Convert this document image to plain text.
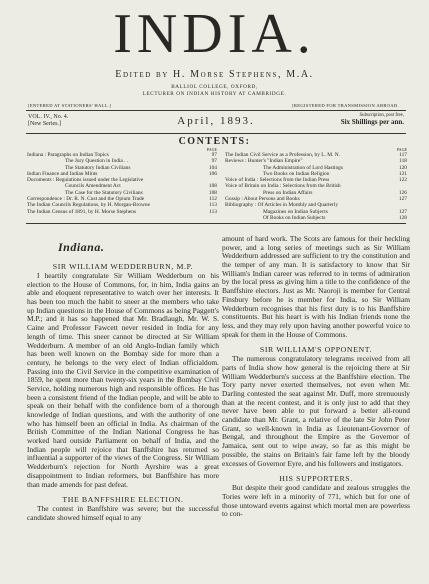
INDIA.
Edited by H. Morse Stephens, M.A.
BALLIOL COLLEGE, OXFORD,
LECTURER ON INDIAN HISTORY AT CAMBRIDGE.
[ENTERED AT STATIONERS' HALL.]	[REGISTERED FOR TRANSMISSION ABROAD.
VOL. IV., No. 4.
[New Series.]	April, 1893.	Subscription, post free,
Six Shillings per ann.
CONTENTS:
PAGE
Indiana : Paragraphs on Indian Topics	97
The Jury Question in India . .	97
The Statutory Indian Civilians	104
Indian Finance and Indian Mints	106
Documents : Regulations issued under the Legislative
Councils Amendment Act	108
The Case for the Statutory Civilians	108
Correspondence : Dr. R. N. Cust and the Opium Trade	112
The Indian Councils Regulations, by H. Morgan-Browne	113
The Indian Census of 1891, by H. Morse Stephens	113
PAGE
The Indian Civil Service as a Profession, by L. M. N.	117
Reviews : Hunter's "Indian Empire"	118
The Administration of Lord Hastings	120
Two Books on Indian Religion	121
Voice of India : Selections from the Indian Press	122
Voice of Britain on India : Selections from the British
Press on Indian Affairs	126
Gossip : About Persons and Books	127
Bibliography : Of Articles in Monthly and Quarterly
Magazines on Indian Subjects	127
Of Books on Indian Subjects	128
Indiana.
SIR WILLIAM WEDDERBURN, M.P.

I heartily congratulate Sir William Wedderburn on his election to the House of Commons, for, in him, India gains an able and eloquent representative to watch over her interests. It has been too much the habit to sneer at the members who take up Indian questions in the House of Commons as being Paggett's M.P.; and it has so happened that Mr. Bradlaugh, Mr. W. S. Caine and Professor Fawcett never resided in India for any length of time. This sneer cannot be directed at Sir William Wedderburn. A member of an old Anglo-Indian family which has been well known on the Bombay side for more than a century, he belongs to the very elect of Indian officialdom. Passing into the Civil Service in the competitive examination of 1859, he spent more than twenty-six years in the Bombay Civil Service, holding numerous high and responsible offices. He has been a consistent friend of the Indian people, and will be able to speak on their behalf with the confidence born of a thorough knowledge of Indian questions, and with the authority of one who has himself been an official in India. As chairman of the British Committee of the Indian National Congress he has worked hard outside Parliament on behalf of India, and the Indian people will rejoice that Banffshire has returned so influential a supporter of the views of the Congress. Sir William Wedderburn's rejection for North Ayrshire was a great disappointment to Indian reformers, but Banffshire has more than made amends for past defeat.

THE BANFFSHIRE ELECTION.

The contest in Banffshire was severe; but the successful candidate showed himself equal to any

amount of hard work. The Scots are famous for their heckling power, and a long series of meetings such as Sir William Wedderburn addressed are sufficient to try the constitution and the temper of any man. It is satisfactory to know that Sir William's Indian career was referred to in terms of admiration by the local press as giving him a title to the confidence of the Banffshire electors. Just as Mr. Naoroji is member for Central Finsbury before he is member for India, so Sir William Wedderburn recognises that his first duty is to his Banffshire constituents. But his heart is with his Indian friends none the less, and they may rely upon having another powerful voice to speak for them in the House of Commons.

SIR WILLIAM'S OPPONENT.

The numerous congratulatory telegrams received from all parts of India show how general is the rejoicing there at Sir William Wedderburn's success at the Banffshire election. The Tory party never exerted themselves, not even when Mr. Darling contested the seat against Mr. Duff, more strenuously than at the recent contest, and it is only just to add that they never have been able to put forward a better all-round candidate than Mr. Grant, a relative of the late Sir John Peter Grant, so well-known in India as Lieutenant-Governor of Bengal, and throughout the Empire as the Governor of Jamaica, sent out to wipe away, so far as this might be possible, the stains on Britain's fair fame left by the bloody excesses of Governor Eyre, and his followers and instigators.

HIS SUPPORTERS.

But despite their good candidate and zealous struggles the Tories were left in a minority of 771, which but for one of those untoward events against which mortal men are powerless to con-
